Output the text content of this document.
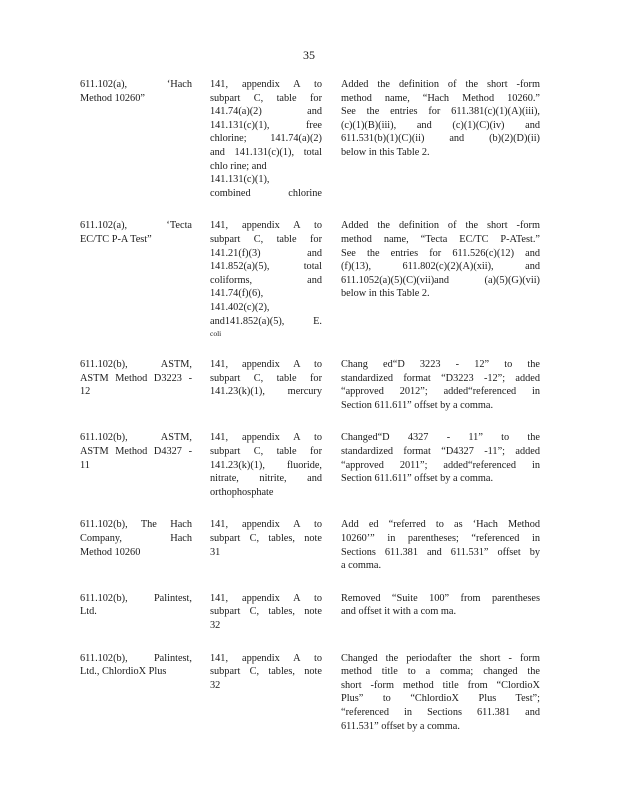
35
611.102(a), ‘Hach
Method 10260”
141, appendix A to
subpart C, table for
141.74(a)(2) and
141.131(c)(1), free
chlorine; 141.74(a)(2)
and 141.131(c)(1), total
chlo rine; and
141.131(c)(1),
combined chlorine
Added the definition of the short -form
method name, “Hach Method 10260.”
See the entries for 611.381(c)(1)(A)(iii),
(c)(1)(B)(iii), and (c)(1)(C)(iv) and
611.531(b)(1)(C)(ii) and (b)(2)(D)(ii)
below in this Table 2.
611.102(a), ‘Tecta
EC/TC P-A Test”
141, appendix A to
subpart C, table for
141.21(f)(3) and
141.852(a)(5), total
coliforms, and
141.74(f)(6),
141.402(c)(2),
and141.852(a)(5), E.
coli
Added the definition of the short -form
method name, “Tecta EC/TC P-ATest.”
See the entries for 611.526(c)(12) and
(f)(13), 611.802(c)(2)(A)(xii), and
611.1052(a)(5)(C)(vii)and (a)(5)(G)(vii)
below in this Table 2.
611.102(b), ASTM,
ASTM Method D3223 -
12
141, appendix A to
subpart C, table for
141.23(k)(1), mercury
Chang ed“D 3223 - 12” to the
standardized format “D3223 -12”; added
“approved 2012”; added“referenced in
Section 611.611” offset by a comma.
611.102(b), ASTM,
ASTM Method D4327 -
11
141, appendix A to
subpart C, table for
141.23(k)(1), fluoride,
nitrate, nitrite, and
orthophosphate
Changed“D 4327 - 11” to the
standardized format “D4327 -11”; added
“approved 2011”; added“referenced in
Section 611.611” offset by a comma.
611.102(b), The Hach
Company, Hach
Method 10260
141, appendix A to
subpart C, tables, note
31
Add ed “referred to as ‘Hach Method
10260’” in parentheses; “referenced in
Sections 611.381 and 611.531” offset by
a comma.
611.102(b), Palintest,
Ltd.
141, appendix A to
subpart C, tables, note
32
Removed “Suite 100” from parentheses
and offset it with a com ma.
611.102(b), Palintest,
Ltd., ChlordioX Plus
141, appendix A to
subpart C, tables, note
32
Changed the periodafter the short - form
method title to a comma; changed the
short -form method title from “ClordioX
Plus” to “ChlordioX Plus Test”;
“referenced in Sections 611.381 and
611.531” offset by a comma.
